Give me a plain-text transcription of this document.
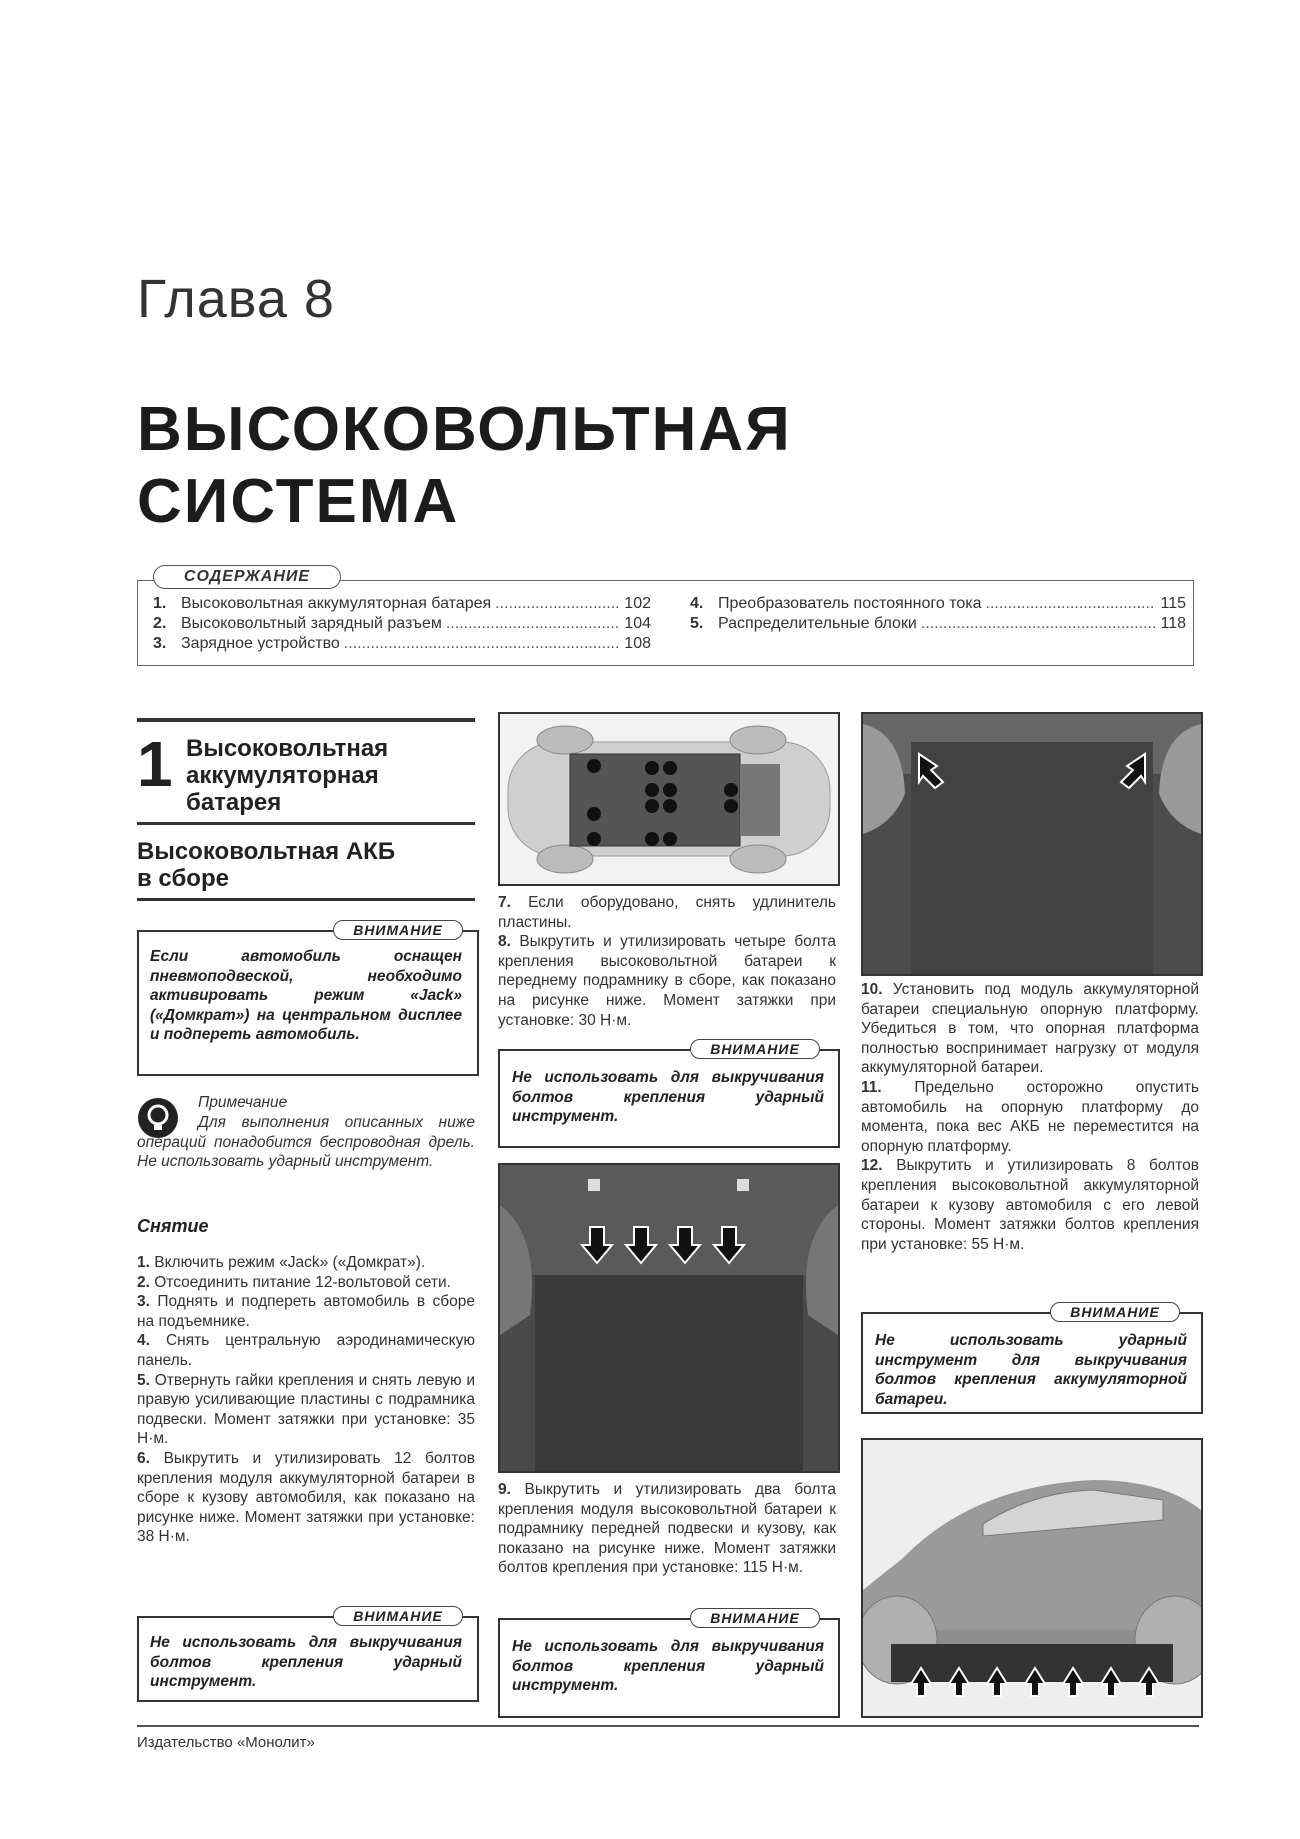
Глава 8
ВЫСОКОВОЛЬТНАЯ
СИСТЕМА
СОДЕРЖАНИЕ
1. Высоковольтная аккумуляторная батарея .....	102
2. Высоковольтный зарядный разъем .....	104
3. Зарядное устройство .....	108
4. Преобразователь постоянного тока .....	115
5. Распределительные блоки .....	118
1 Высоковольтная
аккумуляторная
батарея
Высоковольтная АКБ
в сборе
ВНИМАНИЕ
Если автомобиль оснащен пневмоподвеской, необходимо активировать режим «Jack» («Домкрат») на центральном дисплее и подпереть автомобиль.
Примечание
Для выполнения описанных ниже операций понадобится беспроводная дрель. Не использовать ударный инструмент.
Снятие
1. Включить режим «Jack» («Домкрат»).
2. Отсоединить питание 12-вольтовой сети.
3. Поднять и подпереть автомобиль в сборе на подъемнике.
4. Снять центральную аэродинамическую панель.
5. Отвернуть гайки крепления и снять левую и правую усиливающие пластины с подрамника подвески. Момент затяжки при установке: 35 Н·м.
6. Выкрутить и утилизировать 12 болтов крепления модуля аккумуляторной батареи в сборе к кузову автомобиля, как показано на рисунке ниже. Момент затяжки при установке: 38 Н·м.
ВНИМАНИЕ
Не использовать для выкручивания болтов крепления ударный инструмент.
7. Если оборудовано, снять удлинитель пластины.
8. Выкрутить и утилизировать четыре болта крепления высоковольтной батареи к переднему подрамнику в сборе, как показано на рисунке ниже. Момент затяжки при установке: 30 Н·м.
ВНИМАНИЕ
Не использовать для выкручивания болтов крепления ударный инструмент.
9. Выкрутить и утилизировать два болта крепления модуля высоковольтной батареи к подрамнику передней подвески и кузову, как показано на рисунке ниже. Момент затяжки болтов крепления при установке: 115 Н·м.
ВНИМАНИЕ
Не использовать для выкручивания болтов крепления ударный инструмент.
10. Установить под модуль аккумуляторной батареи специальную опорную платформу. Убедиться в том, что опорная платформа полностью воспринимает нагрузку от модуля аккумуляторной батареи.
11. Предельно осторожно опустить автомобиль на опорную платформу до момента, пока вес АКБ не переместится на опорную платформу.
12. Выкрутить и утилизировать 8 болтов крепления высоковольтной аккумуляторной батареи к кузову автомобиля с его левой стороны. Момент затяжки болтов крепления при установке: 55 Н·м.
ВНИМАНИЕ
Не использовать ударный инструмент для выкручивания болтов крепления аккумуляторной батареи.
Издательство «Монолит»
